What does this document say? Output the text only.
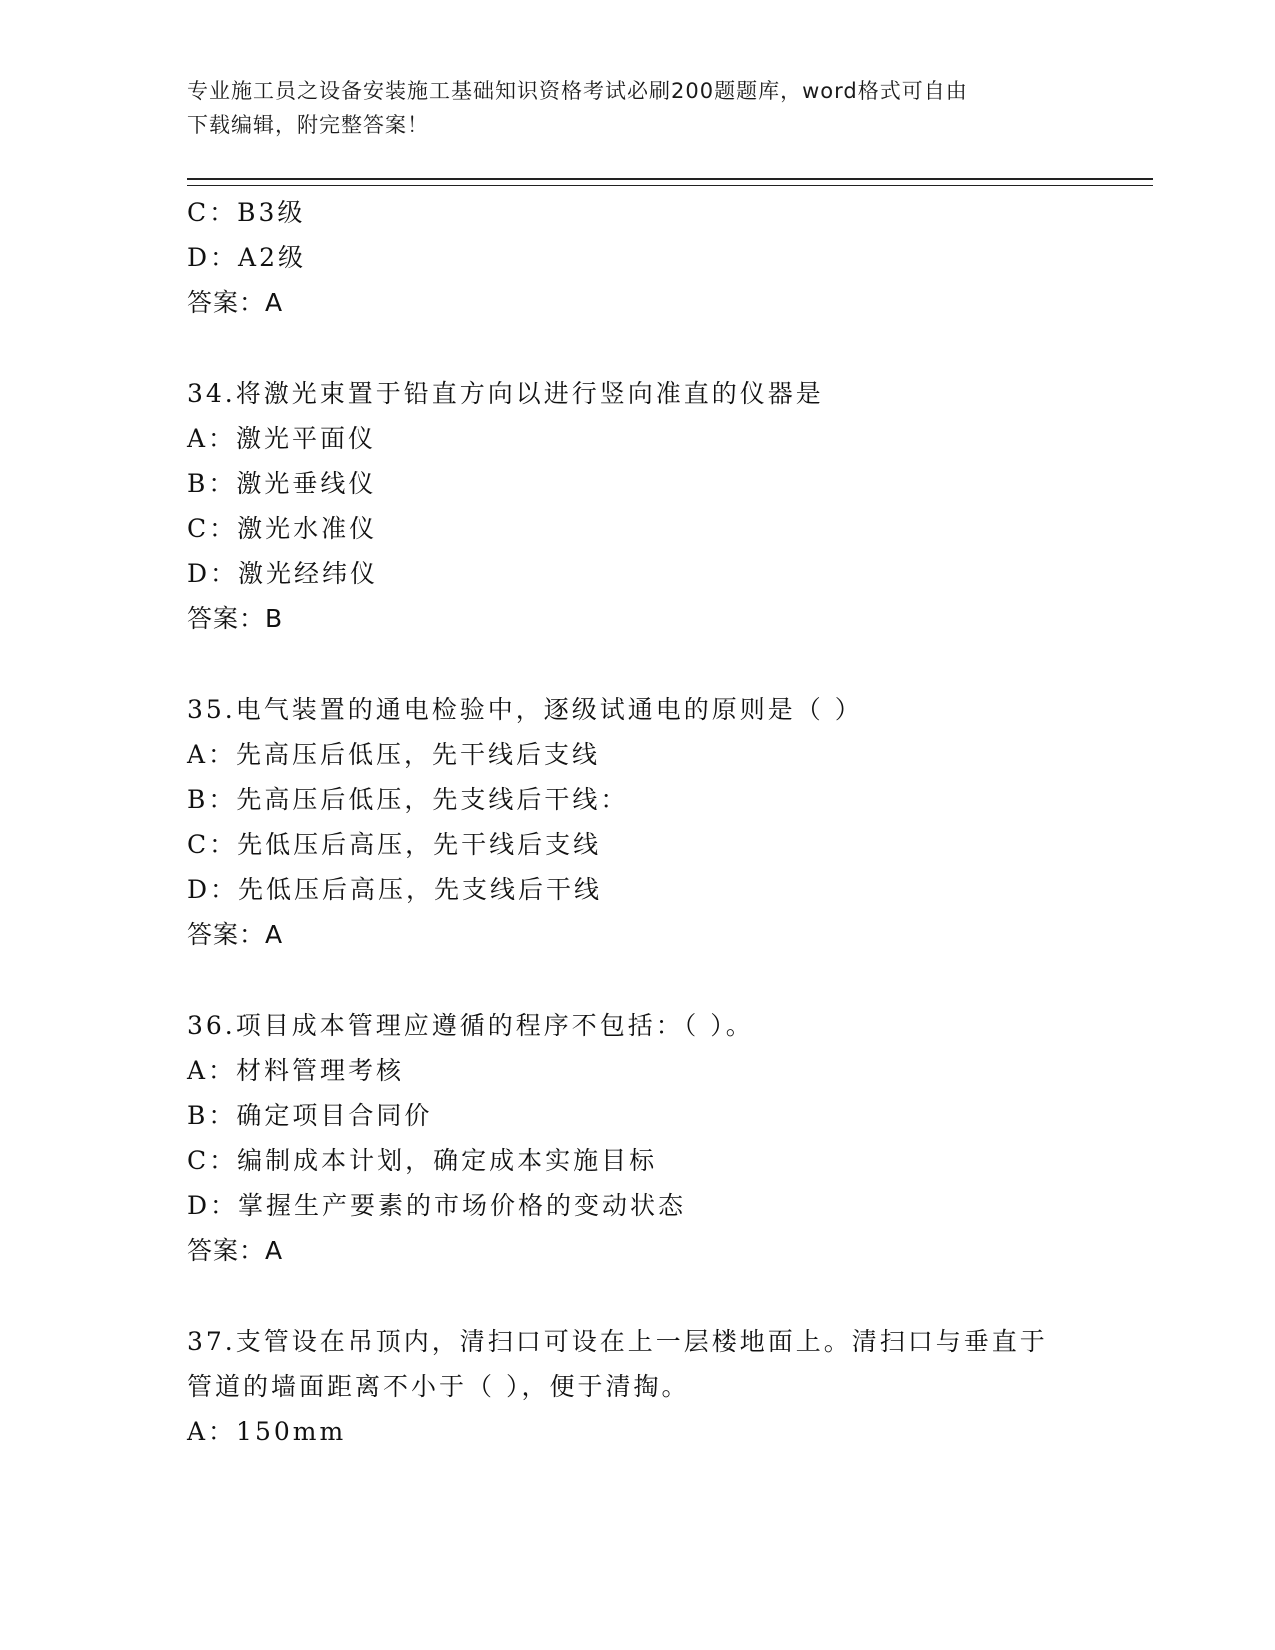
专业施工员之设备安装施工基础知识资格考试必刷200题题库，word格式可自由
下载编辑，附完整答案！
C：B3级
D：A2级
答案：A
34.将激光束置于铅直方向以进行竖向准直的仪器是
A：激光平面仪
B：激光垂线仪
C：激光水准仪
D：激光经纬仪
答案：B
35.电气装置的通电检验中，逐级试通电的原则是（ ）
A：先高压后低压，先干线后支线
B：先高压后低压，先支线后干线：
C：先低压后高压，先干线后支线
D：先低压后高压，先支线后干线
答案：A
36.项目成本管理应遵循的程序不包括：（ ）。
A：材料管理考核
B：确定项目合同价
C：编制成本计划，确定成本实施目标
D：掌握生产要素的市场价格的变动状态
答案：A
37.支管设在吊顶内，清扫口可设在上一层楼地面上。清扫口与垂直于
管道的墙面距离不小于（ ），便于清掏。
A：150mm
